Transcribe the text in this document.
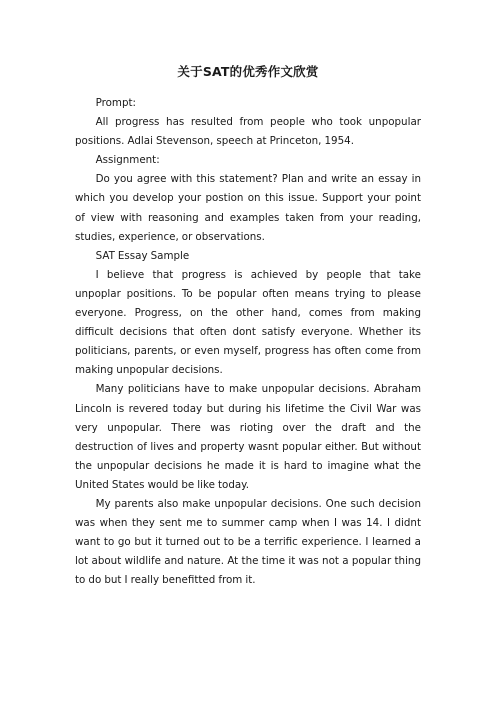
关于SAT的优秀作文欣赏

Prompt:

All progress has resulted from people who took unpopular positions. Adlai Stevenson, speech at Princeton, 1954.

Assignment:

Do you agree with this statement? Plan and write an essay in which you develop your postion on this issue. Support your point of view with reasoning and examples taken from your reading, studies, experience, or observations.

SAT Essay Sample

I believe that progress is achieved by people that take unpoplar positions. To be popular often means trying to please everyone. Progress, on the other hand, comes from making difficult decisions that often dont satisfy everyone. Whether its politicians, parents, or even myself, progress has often come from making unpopular decisions.

Many politicians have to make unpopular decisions. Abraham Lincoln is revered today but during his lifetime the Civil War was very unpopular. There was rioting over the draft and the destruction of lives and property wasnt popular either. But without the unpopular decisions he made it is hard to imagine what the United States would be like today.

My parents also make unpopular decisions. One such decision was when they sent me to summer camp when I was 14. I didnt want to go but it turned out to be a terrific experience. I learned a lot about wildlife and nature. At the time it was not a popular thing to do but I really benefitted from it.
